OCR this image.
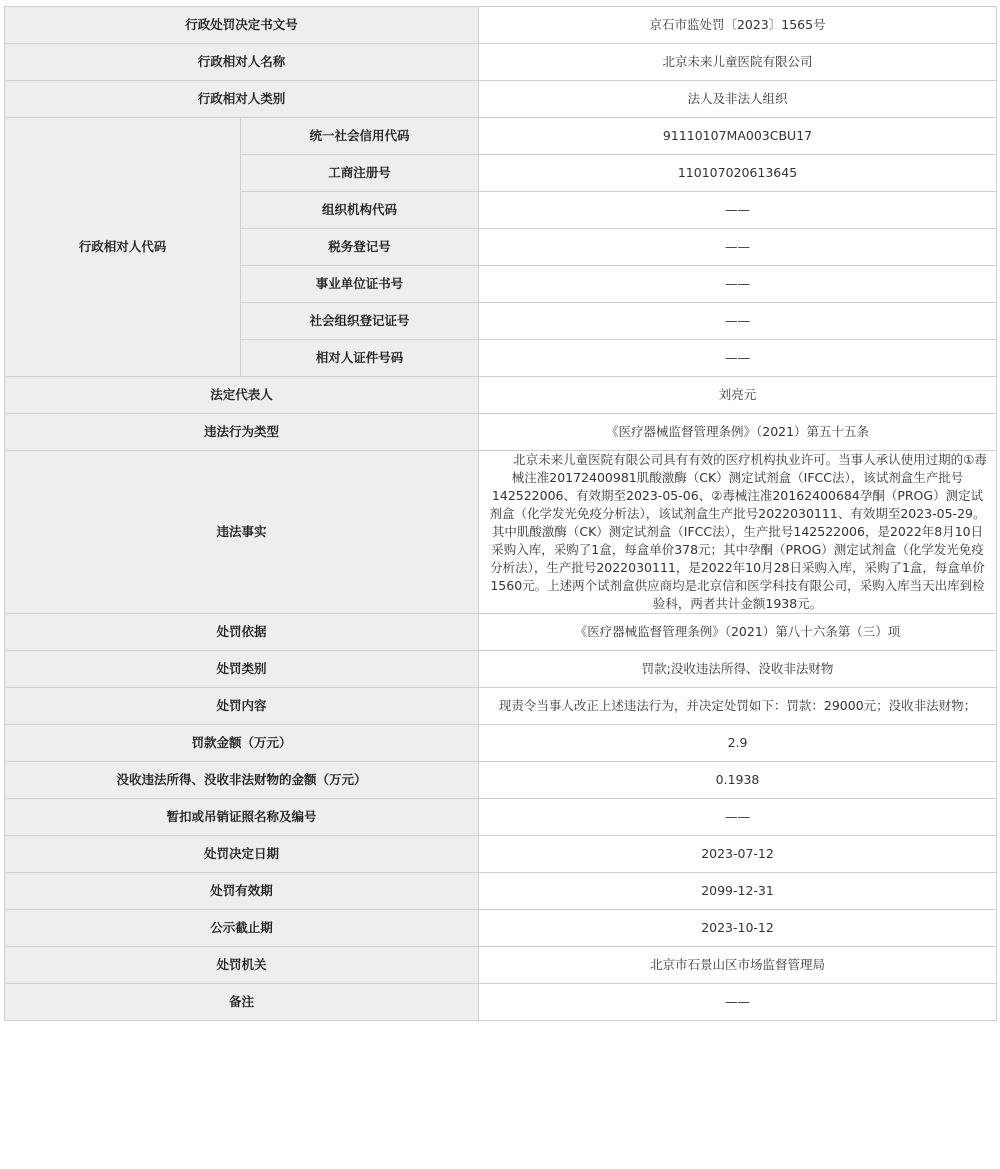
行政处罚决定书文号		京石市监处罚〔2023〕1565号
行政相对人名称		北京未来儿童医院有限公司
行政相对人类别		法人及非法人组织
行政相对人代码	统一社会信用代码	91110107MA003CBU17
	工商注册号	110107020613645
	组织机构代码	——
	税务登记号	——
	事业单位证书号	——
	社会组织登记证号	——
	相对人证件号码	——
法定代表人		刘亮元
违法行为类型		《医疗器械监督管理条例》（2021）第五十五条
违法事实		北京未来儿童医院有限公司具有有效的医疗机构执业许可。当事人承认使用过期的①毒械注准20172400981肌酸激酶（CK）测定试剂盒（IFCC法），该试剂盒生产批号142522006、有效期至2023-05-06、②毒械注准20162400684孕酮（PROG）测定试剂盒（化学发光免疫分析法），该试剂盒生产批号2022030111、有效期至2023-05-29。其中肌酸激酶（CK）测定试剂盒（IFCC法），生产批号142522006，是2022年8月10日采购入库，采购了1盒，每盒单价378元；其中孕酮（PROG）测定试剂盒（化学发光免疫分析法），生产批号2022030111，是2022年10月28日采购入库，采购了1盒，每盒单价1560元。上述两个试剂盒供应商均是北京信和医学科技有限公司，采购入库当天出库到检验科，两者共计金额1938元。
处罚依据		《医疗器械监督管理条例》（2021）第八十六条第（三）项
处罚类别		罚款;没收违法所得、没收非法财物
处罚内容		现责令当事人改正上述违法行为，并决定处罚如下：罚款：29000元；没收非法财物；
罚款金额（万元）		2.9
没收违法所得、没收非法财物的金额（万元）		0.1938
暂扣或吊销证照名称及编号		——
处罚决定日期		2023-07-12
处罚有效期		2099-12-31
公示截止期		2023-10-12
处罚机关		北京市石景山区市场监督管理局
备注		——
